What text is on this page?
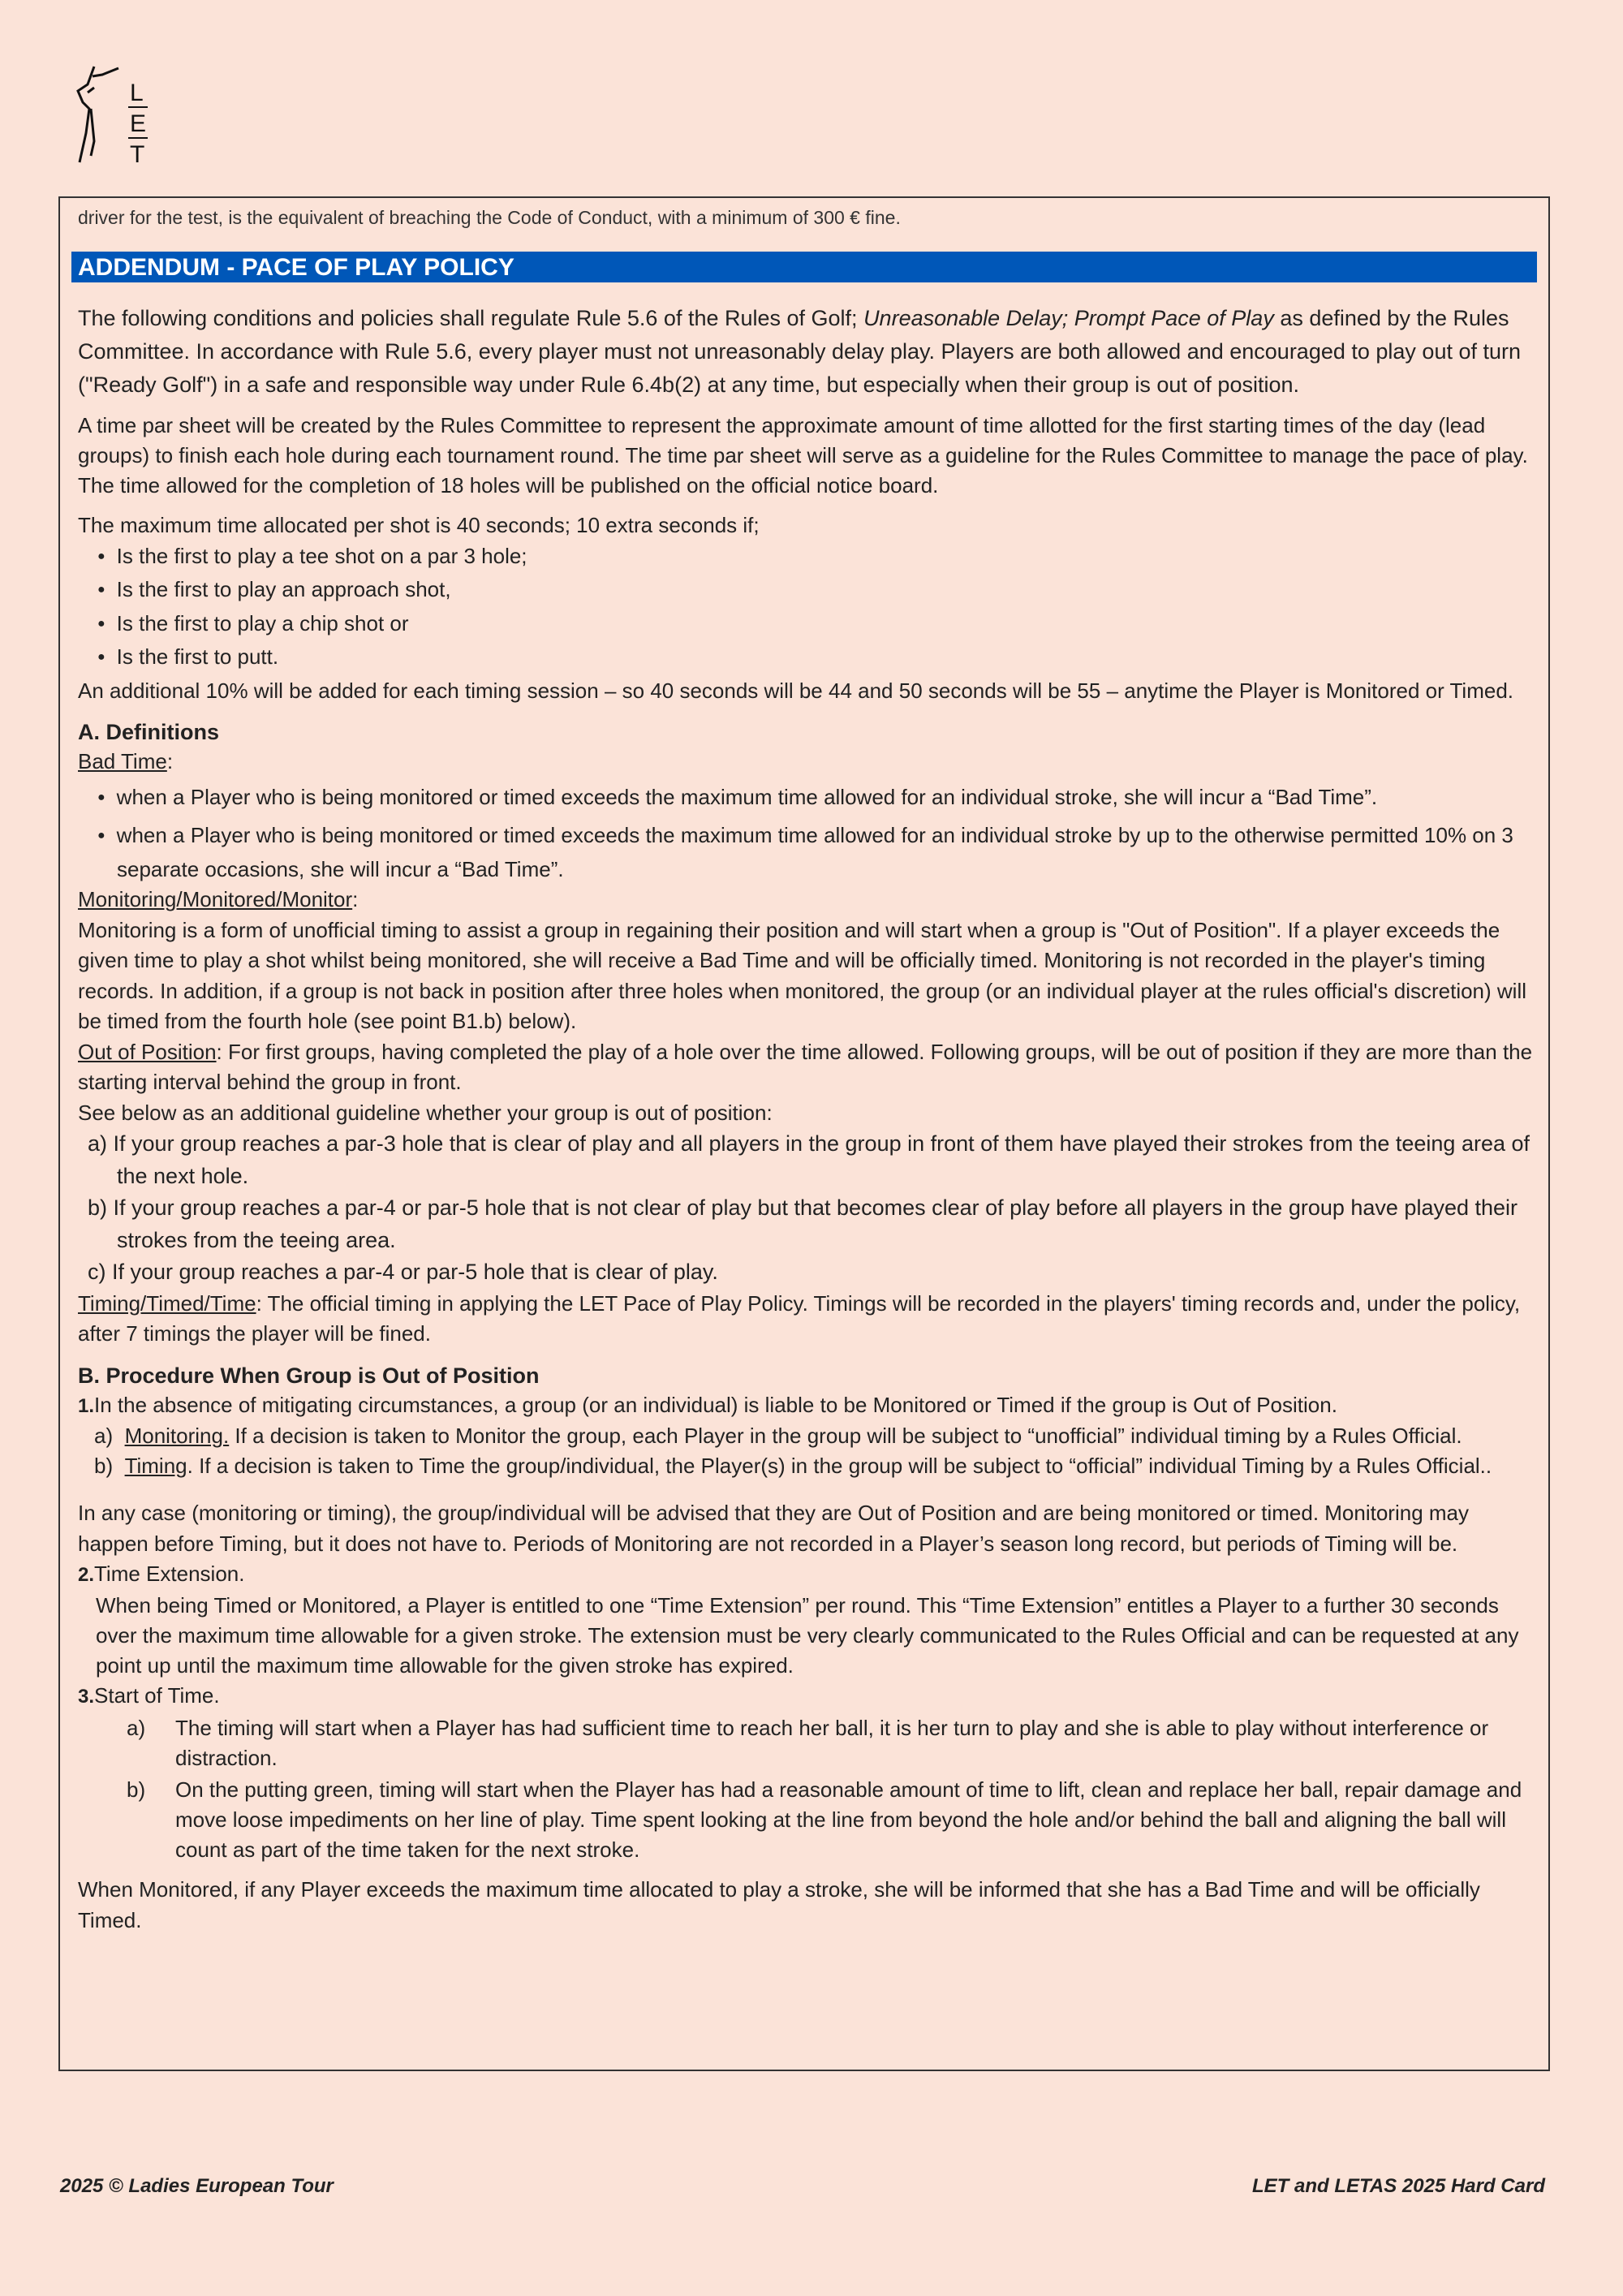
L
E
T

driver for the test, is the equivalent of breaching the Code of Conduct, with a minimum of 300 € fine.

ADDENDUM - PACE OF PLAY POLICY

The following conditions and policies shall regulate Rule 5.6 of the Rules of Golf; Unreasonable Delay; Prompt Pace of Play as defined by the Rules Committee. In accordance with Rule 5.6, every player must not unreasonably delay play. Players are both allowed and encouraged to play out of turn ("Ready Golf") in a safe and responsible way under Rule 6.4b(2) at any time, but especially when their group is out of position.

A time par sheet will be created by the Rules Committee to represent the approximate amount of time allotted for the first starting times of the day (lead groups) to finish each hole during each tournament round. The time par sheet will serve as a guideline for the Rules Committee to manage the pace of play. The time allowed for the completion of 18 holes will be published on the official notice board.

The maximum time allocated per shot is 40 seconds; 10 extra seconds if;

● Is the first to play a tee shot on a par 3 hole;
● Is the first to play an approach shot,
● Is the first to play a chip shot or
● Is the first to putt.

An additional 10% will be added for each timing session – so 40 seconds will be 44 and 50 seconds will be 55 – anytime the Player is Monitored or Timed.

A. Definitions

Bad Time:

● when a Player who is being monitored or timed exceeds the maximum time allowed for an individual stroke, she will incur a “Bad Time”.

● when a Player who is being monitored or timed exceeds the maximum time allowed for an individual stroke by up to the otherwise permitted 10% on 3 separate occasions, she will incur a “Bad Time”.

Monitoring/Monitored/Monitor:

Monitoring is a form of unofficial timing to assist a group in regaining their position and will start when a group is "Out of Position". If a player exceeds the given time to play a shot whilst being monitored, she will receive a Bad Time and will be officially timed. Monitoring is not recorded in the player's timing records. In addition, if a group is not back in position after three holes when monitored, the group (or an individual player at the rules official's discretion) will be timed from the fourth hole (see point B1.b) below).

Out of Position: For first groups, having completed the play of a hole over the time allowed. Following groups, will be out of position if they are more than the starting interval behind the group in front.

See below as an additional guideline whether your group is out of position:

a) If your group reaches a par-3 hole that is clear of play and all players in the group in front of them have played their strokes from the teeing area of the next hole.

b) If your group reaches a par-4 or par-5 hole that is not clear of play but that becomes clear of play before all players in the group have played their strokes from the teeing area.

c) If your group reaches a par-4 or par-5 hole that is clear of play.

Timing/Timed/Time: The official timing in applying the LET Pace of Play Policy. Timings will be recorded in the players' timing records and, under the policy, after 7 timings the player will be fined.

B. Procedure When Group is Out of Position

1.In the absence of mitigating circumstances, a group (or an individual) is liable to be Monitored or Timed if the group is Out of Position.

a) Monitoring. If a decision is taken to Monitor the group, each Player in the group will be subject to “unofficial” individual timing by a Rules Official.

b) Timing. If a decision is taken to Time the group/individual, the Player(s) in the group will be subject to “official” individual Timing by a Rules Official..

In any case (monitoring or timing), the group/individual will be advised that they are Out of Position and are being monitored or timed. Monitoring may happen before Timing, but it does not have to. Periods of Monitoring are not recorded in a Player’s season long record, but periods of Timing will be.

2.Time Extension.

When being Timed or Monitored, a Player is entitled to one “Time Extension” per round. This “Time Extension” entitles a Player to a further 30 seconds over the maximum time allowable for a given stroke. The extension must be very clearly communicated to the Rules Official and can be requested at any point up until the maximum time allowable for the given stroke has expired.

3.Start of Time.

a) The timing will start when a Player has had sufficient time to reach her ball, it is her turn to play and she is able to play without interference or distraction.

b) On the putting green, timing will start when the Player has had a reasonable amount of time to lift, clean and replace her ball, repair damage and move loose impediments on her line of play. Time spent looking at the line from beyond the hole and/or behind the ball and aligning the ball will count as part of the time taken for the next stroke.

When Monitored, if any Player exceeds the maximum time allocated to play a stroke, she will be informed that she has a Bad Time and will be officially Timed.

2025 © Ladies European Tour	LET and LETAS 2025 Hard Card
